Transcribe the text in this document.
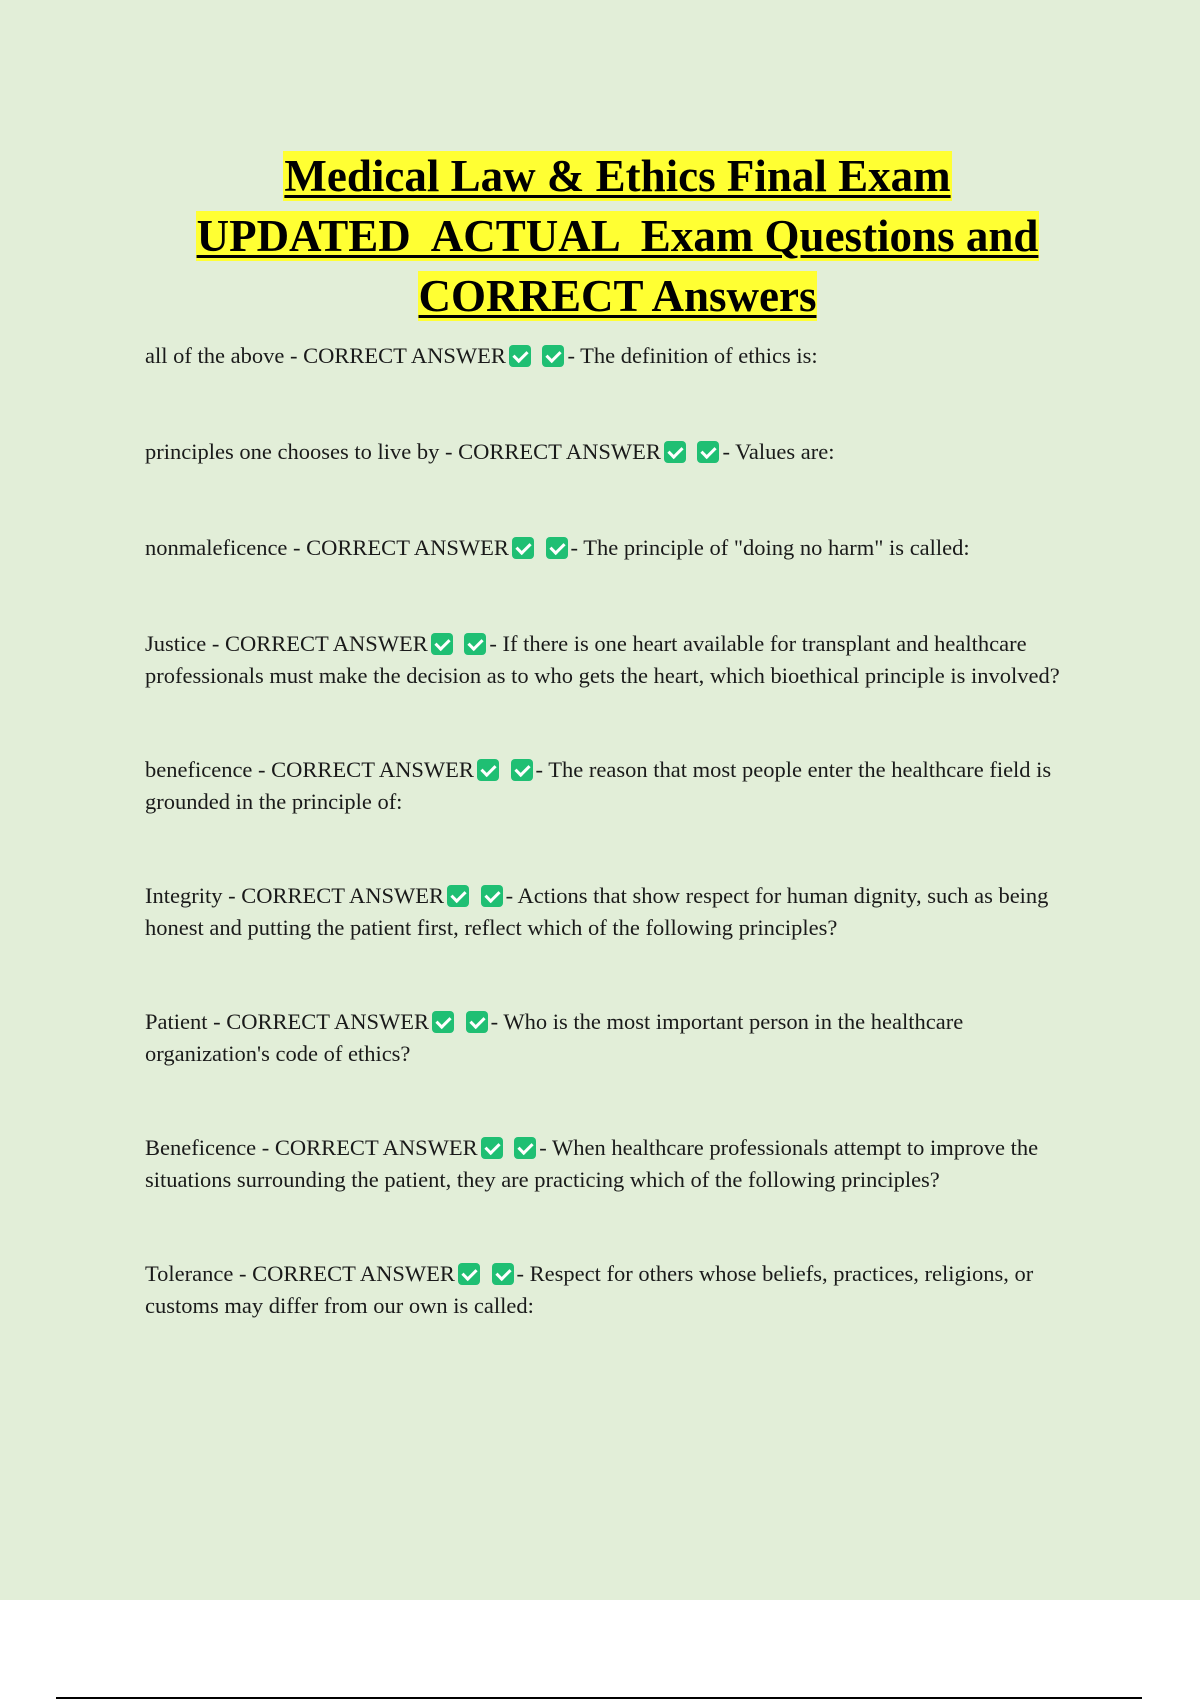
Medical Law & Ethics Final Exam
UPDATED  ACTUAL  Exam Questions and
CORRECT Answers

all of the above - CORRECT ANSWER	- The definition of ethics is:

principles one chooses to live by - CORRECT ANSWER	- Values are:

nonmaleficence - CORRECT ANSWER	- The principle of "doing no harm" is called:

Justice - CORRECT ANSWER	- If there is one heart available for transplant and healthcare professionals must make the decision as to who gets the heart, which bioethical principle is involved?

beneficence - CORRECT ANSWER	- The reason that most people enter the healthcare field is grounded in the principle of:

Integrity - CORRECT ANSWER	- Actions that show respect for human dignity, such as being honest and putting the patient first, reflect which of the following principles?

Patient - CORRECT ANSWER	- Who is the most important person in the healthcare organization's code of ethics?

Beneficence - CORRECT ANSWER	- When healthcare professionals attempt to improve the situations surrounding the patient, they are practicing which of the following principles?

Tolerance - CORRECT ANSWER	- Respect for others whose beliefs, practices, religions, or customs may differ from our own is called:
